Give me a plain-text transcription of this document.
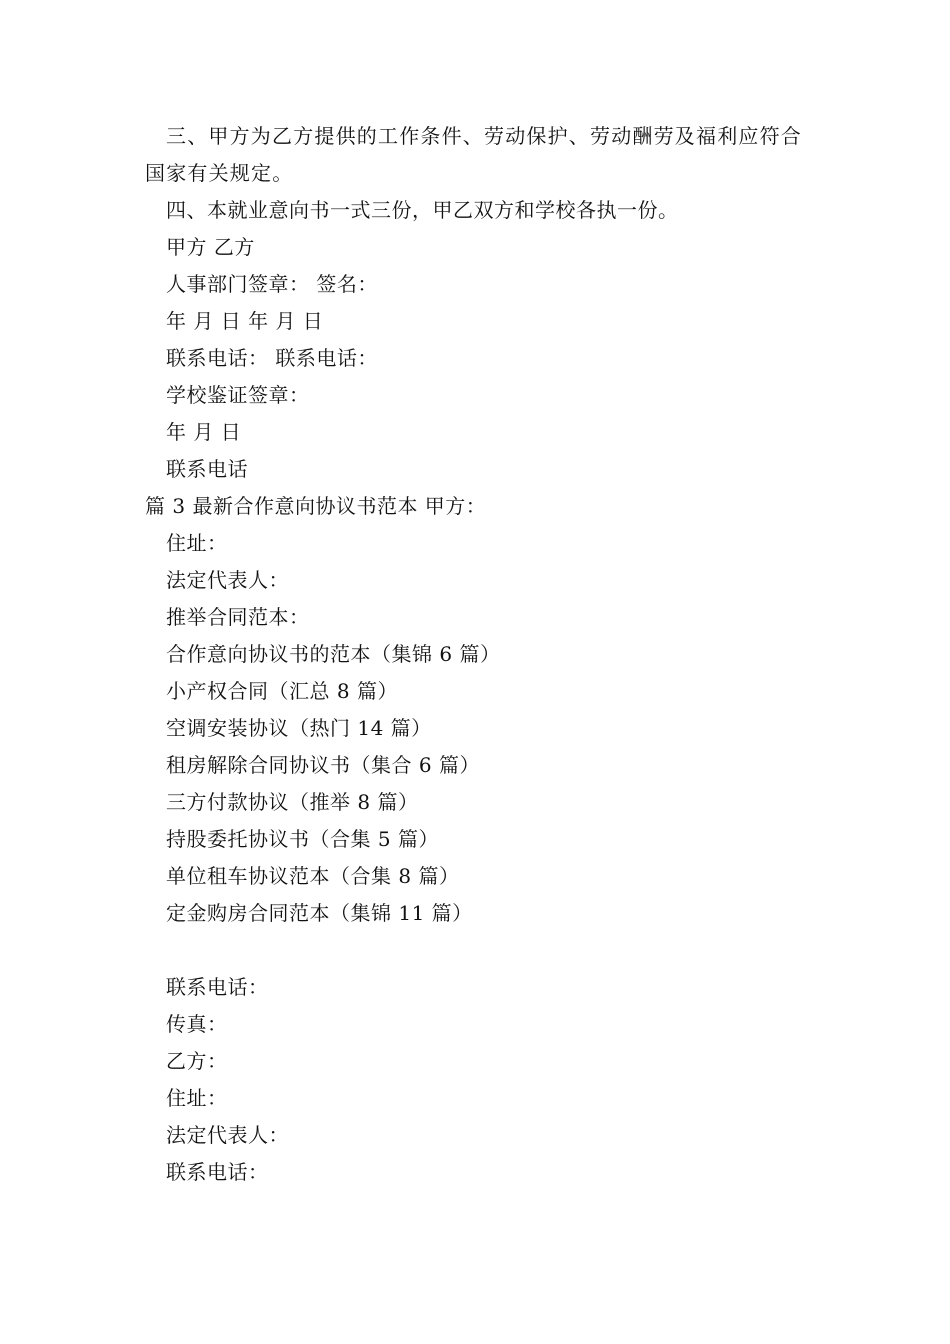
三、甲方为乙方提供的工作条件、劳动保护、劳动酬劳及福利应符合国家有关规定。
四、本就业意向书一式三份，甲乙双方和学校各执一份。
甲方 乙方
人事部门签章： 签名：
年 月 日 年 月 日
联系电话： 联系电话：
学校鉴证签章：
年 月 日
联系电话
篇 3 最新合作意向协议书范本 甲方：
住址：
法定代表人：
推举合同范本：
合作意向协议书的范本（集锦 6 篇）
小产权合同（汇总 8 篇）
空调安装协议（热门 14 篇）
租房解除合同协议书（集合 6 篇）
三方付款协议（推举 8 篇）
持股委托协议书（合集 5 篇）
单位租车协议范本（合集 8 篇）
定金购房合同范本（集锦 11 篇）
联系电话：
传真：
乙方：
住址：
法定代表人：
联系电话：
